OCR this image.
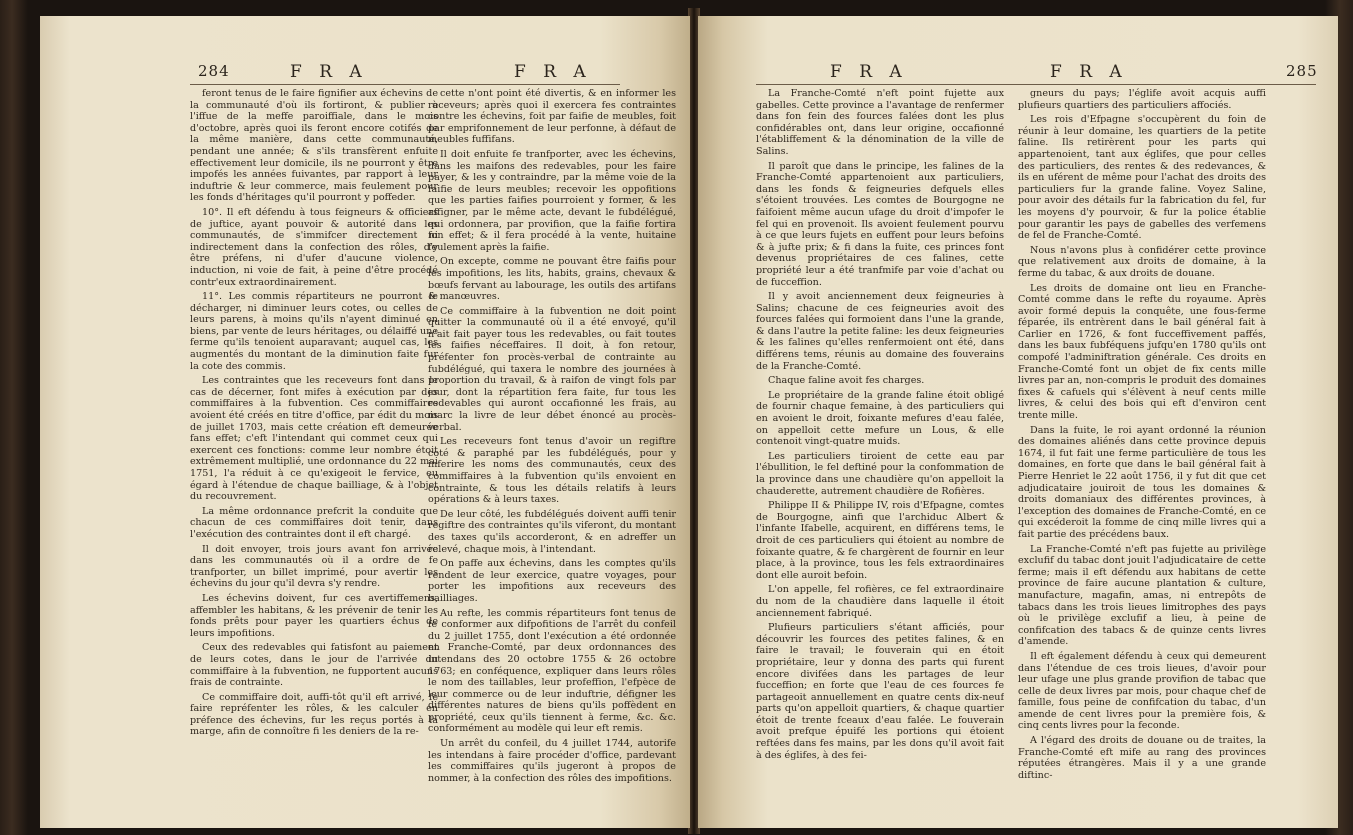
284	F R A	F R A

feront tenus de le faire fignifier aux échevins de la communauté d'où ils fortiront, & publier à l'iffue de la meffe paroiffiale, dans le mois d'octobre, après quoi ils feront encore cotifés de la même manière, dans cette communauté, pendant une année; & s'ils transfèrent enfuite effectivement leur domicile, ils ne pourront y être impofés les années fuivantes, par rapport à leur induftrie & leur commerce, mais feulement pour les fonds d'héritages qu'il pourront y poffeder.

10°. Il eft défendu à tous feigneurs & officiers de juftice, ayant pouvoir & autorité dans les communautés, de s'immifcer directement ni indirectement dans la confection des rôles, d'y être préfens, ni d'ufer d'aucune violence, induction, ni voie de fait, à peine d'être procédé contr'eux extraordinairement.

11°. Les commis répartiteurs ne pourront fe décharger, ni diminuer leurs cotes, ou celles de leurs parens, à moins qu'ils n'ayent diminué en biens, par vente de leurs héritages, ou délaiffé une ferme qu'ils tenoient auparavant; auquel cas, les augmentés du montant de la diminution faite fur la cote des commis.

Les contraintes que les receveurs font dans le cas de décerner, font mifes à exécution par des commiffaires à la fubvention. Ces commiffaires avoient été créés en titre d'office, par édit du mois de juillet 1703, mais cette création eft demeurée fans effet; c'eft l'intendant qui commet ceux qui exercent ces fonctions: comme leur nombre étoit extrêmement multiplié, une ordonnance du 22 mai 1751, l'a réduit à ce qu'exigeoit le fervice, eu égard à l'étendue de chaque bailliage, & à l'objet du recouvrement.

La même ordonnance prefcrit la conduite que chacun de ces commiffaires doit tenir, dans l'exécution des contraintes dont il eft chargé.

Il doit envoyer, trois jours avant fon arrivée dans les communautés où il a ordre de fe tranfporter, un billet imprimé, pour avertir les échevins du jour qu'il devra s'y rendre.

Les échevins doivent, fur ces avertiffemens, affembler les habitans, & les prévenir de tenir les fonds prêts pour payer les quartiers échus de leurs impofitions.

Ceux des redevables qui fatisfont au paiement de leurs cotes, dans le jour de l'arrivée du commiffaire à la fubvention, ne fupportent aucuns frais de contrainte.

Ce commiffaire doit, auffi-tôt qu'il eft arrivé, fe faire repréfenter les rôles, & les calculer en préfence des échevins, fur les reçus portés à la marge, afin de connoître fi les deniers de la re-

cette n'ont point été divertis, & en informer les receveurs; après quoi il exercera fes contraintes contre les échevins, foit par faifie de meubles, foit par emprifonnement de leur perfonne, à défaut de meubles fuffifans.

Il doit enfuite fe tranfporter, avec les échevins, dans les maifons des redevables, pour les faire payer, & les y contraindre, par la même voie de la faifie de leurs meubles; recevoir les oppofitions que les parties faifies pourroient y former, & les affigner, par le même acte, devant le fubdélégué, qui ordonnera, par provifion, que la faifie fortira fon effet; & il fera procédé à la vente, huitaine feulement après la faifie.

On excepte, comme ne pouvant être faifis pour les impofitions, les lits, habits, grains, chevaux & bœufs fervant au labourage, les outils des artifans & manœuvres.

Ce commiffaire à la fubvention ne doit point quitter la communauté où il a été envoyé, qu'il n'ait fait payer tous les redevables, ou fait toutes les faifies néceffaires. Il doit, à fon retour, préfenter fon procès-verbal de contrainte au fubdélégué, qui taxera le nombre des journées à proportion du travail, & à raifon de vingt fols par jour, dont la répartition fera faite, fur tous les redevables qui auront occafionné les frais, au marc la livre de leur débet énoncé au procès-verbal.

Les receveurs font tenus d'avoir un regiftre coté & paraphé par les fubdélégués, pour y inferire les noms des communautés, ceux des commiffaires à la fubvention qu'ils envoient en contrainte, & tous les détails relatifs à leurs opérations & à leurs taxes.

De leur côté, les fubdélégués doivent auffi tenir regiftre des contraintes qu'ils viferont, du montant des taxes qu'ils accorderont, & en adreffer un relevé, chaque mois, à l'intendant.

On paffe aux échevins, dans les comptes qu'ils rendent de leur exercice, quatre voyages, pour porter les impofitions aux receveurs des bailliages.

Au refte, les commis répartiteurs font tenus de fe conformer aux difpofitions de l'arrêt du confeil du 2 juillet 1755, dont l'exécution a été ordonnée en Franche-Comté, par deux ordonnances des intendans des 20 octobre 1755 & 26 octobre 1763; en conféquence, expliquer dans leurs rôles le nom des taillables, leur profeffion, l'efpèce de leur commerce ou de leur induftrie, défigner les différentes natures de biens qu'ils poffèdent en propriété, ceux qu'ils tiennent à ferme, &c. &c. conformément au modèle qui leur eft remis.

Un arrêt du confeil, du 4 juillet 1744, autorife les intendans à faire procéder d'office, pardevant les commiffaires qu'ils jugeront à propos de nommer, à la confection des rôles des impofitions.

F R A	F R A	285

La Franche-Comté n'eft point fujette aux gabelles. Cette province a l'avantage de renfermer dans fon fein des fources falées dont les plus confidérables ont, dans leur origine, occafionné l'établiffement & la dénomination de la ville de Salins.

Il paroît que dans le principe, les falines de la Franche-Comté appartenoient aux particuliers, dans les fonds & feigneuries defquels elles s'étoient trouvées. Les comtes de Bourgogne ne faifoient même aucun ufage du droit d'impofer le fel qui en provenoit. Ils avoient feulement pourvu à ce que leurs fujets en euffent pour leurs befoins & à jufte prix; & fi dans la fuite, ces princes font devenus propriétaires de ces falines, cette propriété leur a été tranfmife par voie d'achat ou de fucceffion.

Il y avoit anciennement deux feigneuries à Salins; chacune de ces feigneuries avoit des fources falées qui formoient dans l'une la grande, & dans l'autre la petite faline: les deux feigneuries & les falines qu'elles renfermoient ont été, dans différens tems, réunis au domaine des fouverains de la Franche-Comté.

Chaque faline avoit fes charges.

Le propriétaire de la grande faline étoit obligé de fournir chaque femaine, à des particuliers qui en avoient le droit, foixante mefures d'eau falée, on appelloit cette mefure un Lous, & elle contenoit vingt-quatre muids.

Les particuliers tiroient de cette eau par l'ébullition, le fel deftiné pour la confommation de la province dans une chaudière qu'on appelloit la chauderette, autrement chaudière de Rofières.

Philippe II & Philippe IV, rois d'Efpagne, comtes de Bourgogne, ainfi que l'archiduc Albert & l'infante Ifabelle, acquirent, en différens tems, le droit de ces particuliers qui étoient au nombre de foixante quatre, & fe chargèrent de fournir en leur place, à la province, tous les fels extraordinaires dont elle auroit befoin.

L'on appelle, fel rofières, ce fel extraordinaire du nom de la chaudière dans laquelle il étoit anciennement fabriqué.

Plufieurs particuliers s'étant afficiés, pour découvrir les fources des petites falines, & en faire le travail; le fouverain qui en étoit propriétaire, leur y donna des parts qui furent encore divifées dans les partages de leur fucceffion; en forte que l'eau de ces fources fe partageoit annuellement en quatre cents dix-neuf parts qu'on appelloit quartiers, & chaque quartier étoit de trente fceaux d'eau falée. Le fouverain avoit prefque épuifé les portions qui étoient reftées dans fes mains, par les dons qu'il avoit fait à des églifes, à des fei-

gneurs du pays; l'églife avoit acquis auffi plufieurs quartiers des particuliers affociés.

Les rois d'Efpagne s'occupèrent du foin de réunir à leur domaine, les quartiers de la petite faline. Ils retirèrent pour les parts qui appartenoient, tant aux églifes, que pour celles des particuliers, des rentes & des redevances, & ils en uférent de même pour l'achat des droits des particuliers fur la grande faline. Voyez Saline, pour avoir des détails fur la fabrication du fel, fur les moyens d'y pourvoir, & fur la police établie pour garantir les pays de gabelles des verfemens de fel de Franche-Comté.

Nous n'avons plus à confidérer cette province que relativement aux droits de domaine, à la ferme du tabac, & aux droits de douane.

Les droits de domaine ont lieu en Franche-Comté comme dans le refte du royaume. Après avoir formé depuis la conquête, une fous-ferme féparée, ils entrèrent dans le bail général fait à Carlier en 1726, & font fucceffivement paffés, dans les baux fubféquens jufqu'en 1780 qu'ils ont compofé l'adminiftration générale. Ces droits en Franche-Comté font un objet de fix cents mille livres par an, non-compris le produit des domaines fixes & cafuels qui s'élèvent à neuf cents mille livres, & celui des bois qui eft d'environ cent trente mille.

Dans la fuite, le roi ayant ordonné la réunion des domaines aliénés dans cette province depuis 1674, il fut fait une ferme particulière de tous les domaines, en forte que dans le bail général fait à Pierre Henriet le 22 août 1756, il y fut dit que cet adjudicataire jouiroit de tous les domaines & droits domaniaux des différentes provinces, à l'exception des domaines de Franche-Comté, en ce qui excéderoit la fomme de cinq mille livres qui a fait partie des précédens baux.

La Franche-Comté n'eft pas fujette au privilège exclufif du tabac dont jouit l'adjudicataire de cette ferme; mais il eft défendu aux habitans de cette province de faire aucune plantation & culture, manufacture, magafin, amas, ni entrepôts de tabacs dans les trois lieues limitrophes des pays où le privilège exclufif a lieu, à peine de confifcation des tabacs & de quinze cents livres d'amende.

Il eft également défendu à ceux qui demeurent dans l'étendue de ces trois lieues, d'avoir pour leur ufage une plus grande provifion de tabac que celle de deux livres par mois, pour chaque chef de famille, fous peine de confifcation du tabac, d'un amende de cent livres pour la première fois, & cinq cents livres pour la feconde.

A l'égard des droits de douane ou de traites, la Franche-Comté eft mife au rang des provinces réputées étrangères. Mais il y a une grande diftinc-
